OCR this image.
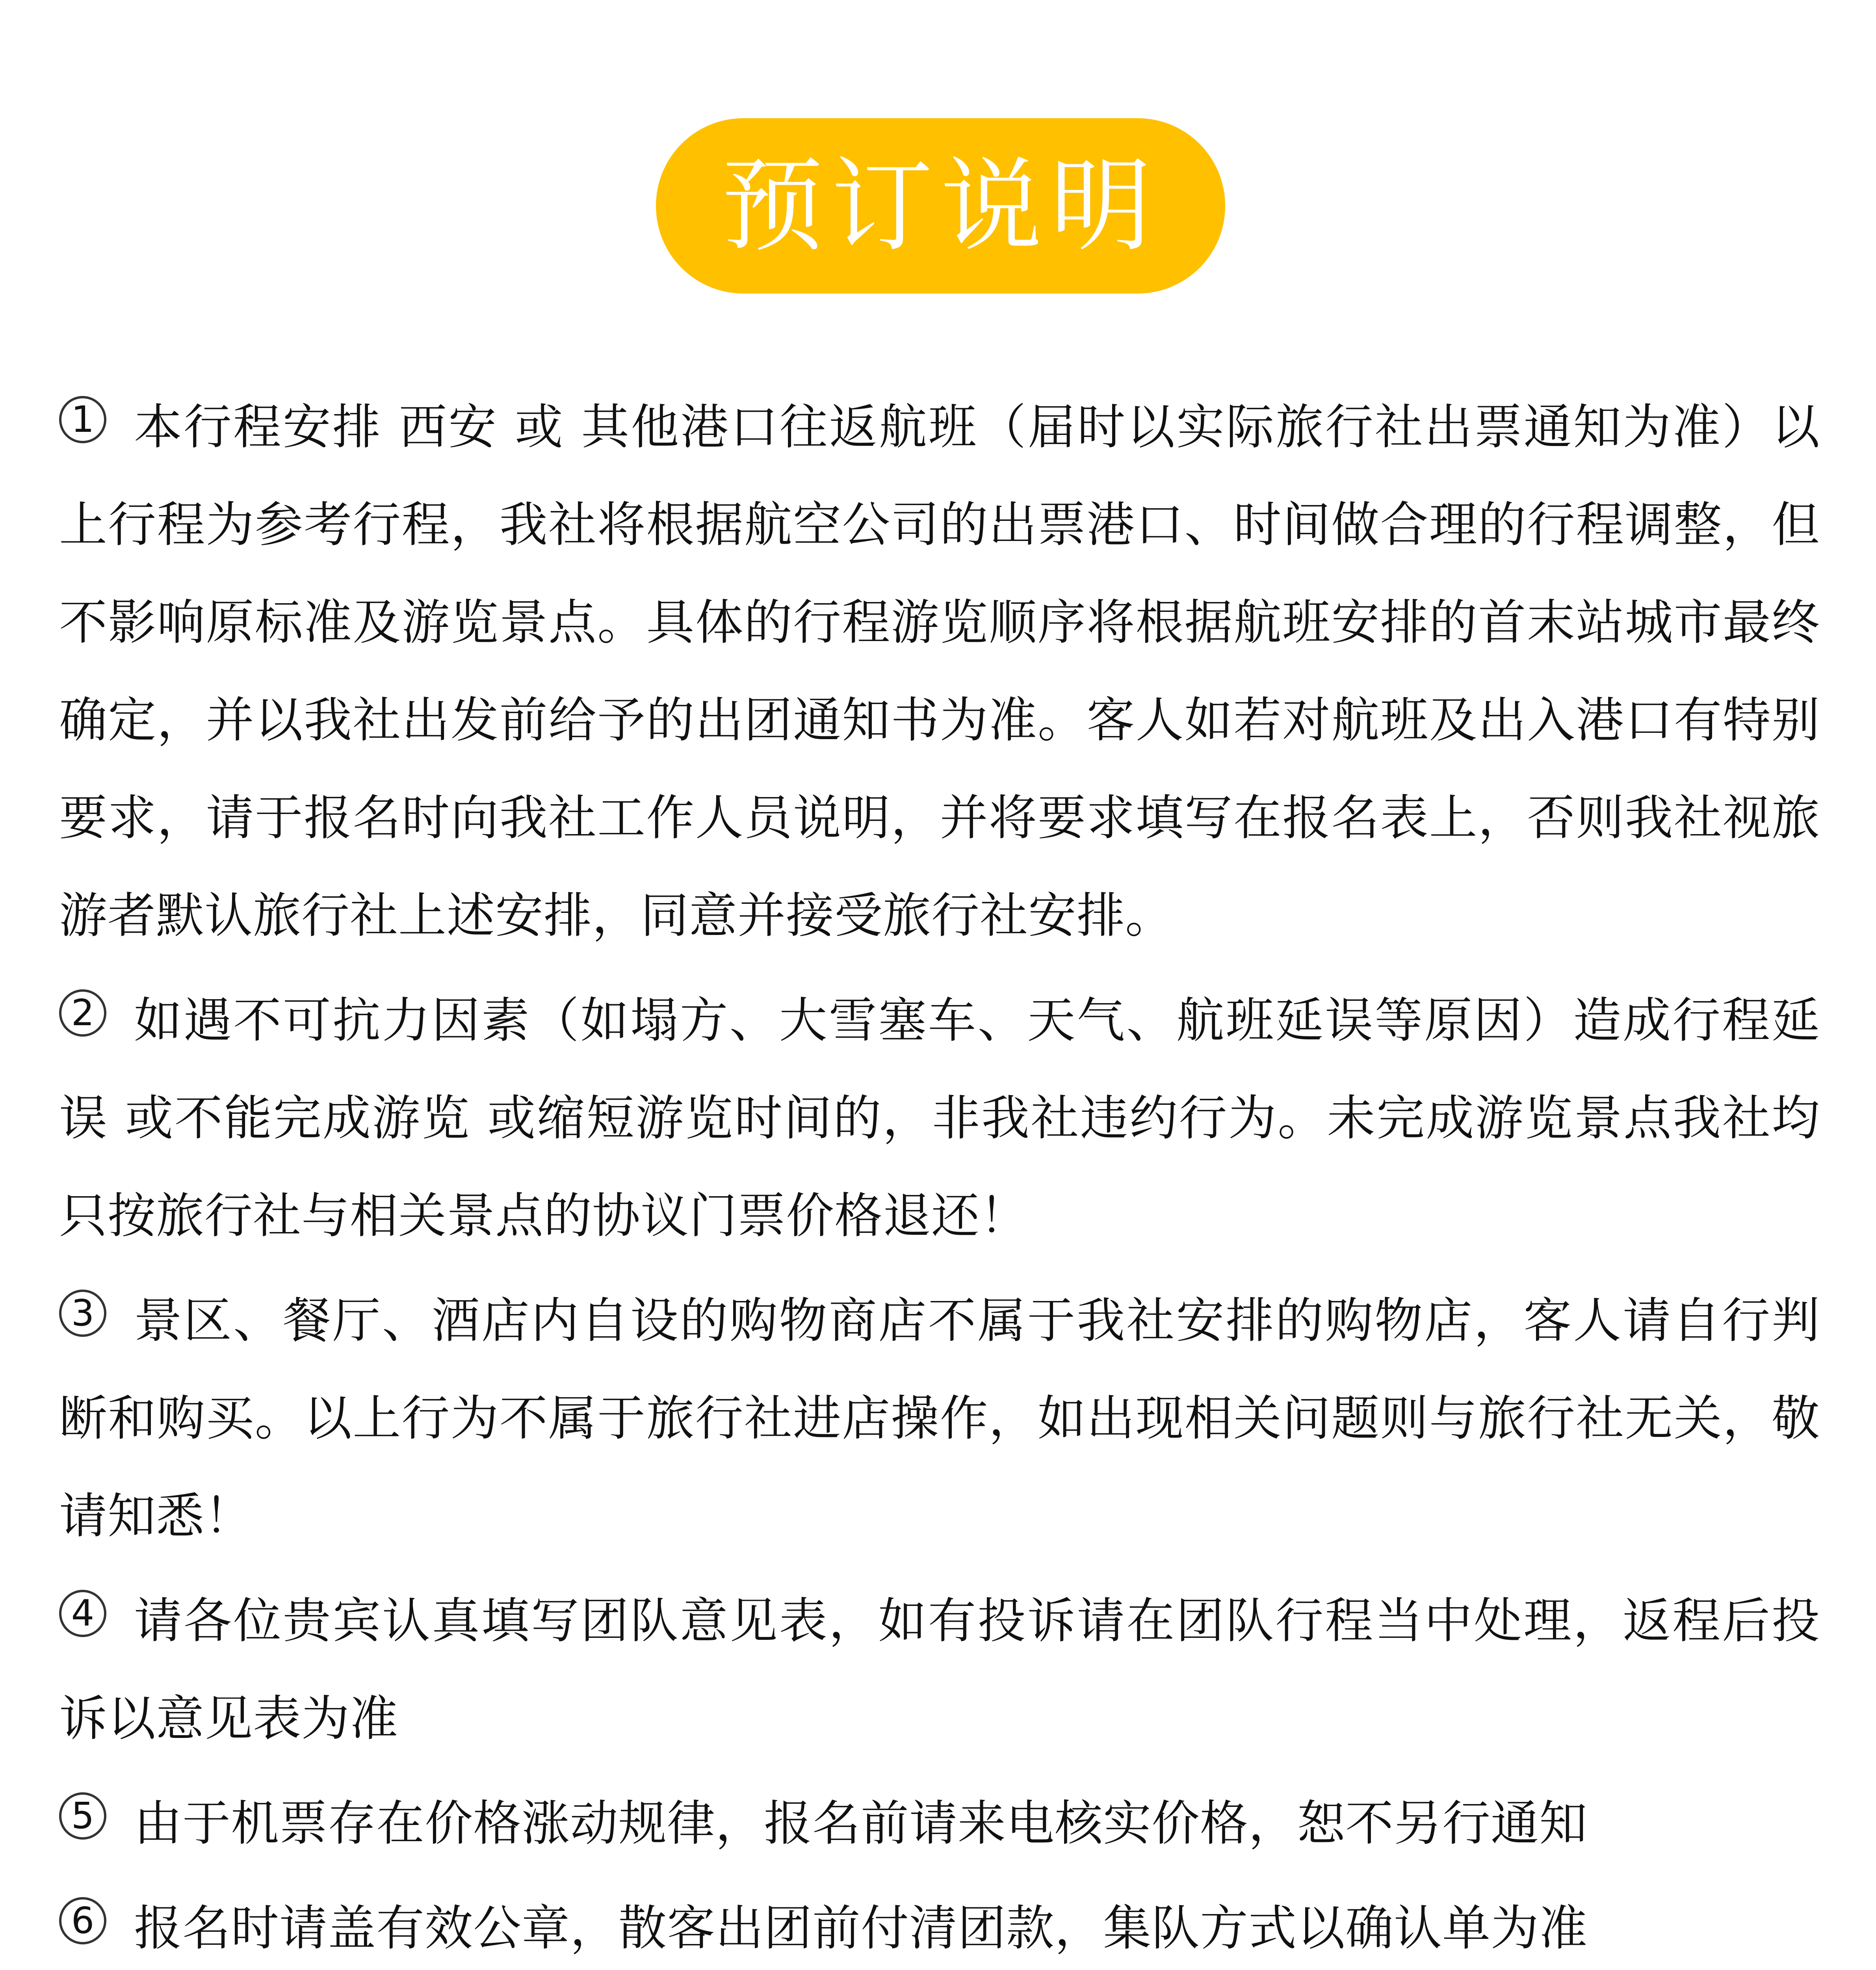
预订说明
1 本行程安排 西安 或 其他港口往返航班（届时以实际旅行社出票通知为准）以上行程为参考行程，我社将根据航空公司的出票港口、时间做合理的行程调整，但不影响原标准及游览景点。具体的行程游览顺序将根据航班安排的首末站城市最终确定，并以我社出发前给予的出团通知书为准。客人如若对航班及出入港口有特别要求，请于报名时向我社工作人员说明，并将要求填写在报名表上，否则我社视旅游者默认旅行社上述安排，同意并接受旅行社安排。
2 如遇不可抗力因素（如塌方、大雪塞车、天气、航班延误等原因）造成行程延误 或不能完成游览 或缩短游览时间的，非我社违约行为。未完成游览景点我社均只按旅行社与相关景点的协议门票价格退还！
3 景区、餐厅、酒店内自设的购物商店不属于我社安排的购物店，客人请自行判断和购买。以上行为不属于旅行社进店操作，如出现相关问题则与旅行社无关，敬请知悉！
4 请各位贵宾认真填写团队意见表，如有投诉请在团队行程当中处理，返程后投诉以意见表为准
5 由于机票存在价格涨动规律，报名前请来电核实价格，恕不另行通知
6 报名时请盖有效公章，散客出团前付清团款，集队方式以确认单为准
